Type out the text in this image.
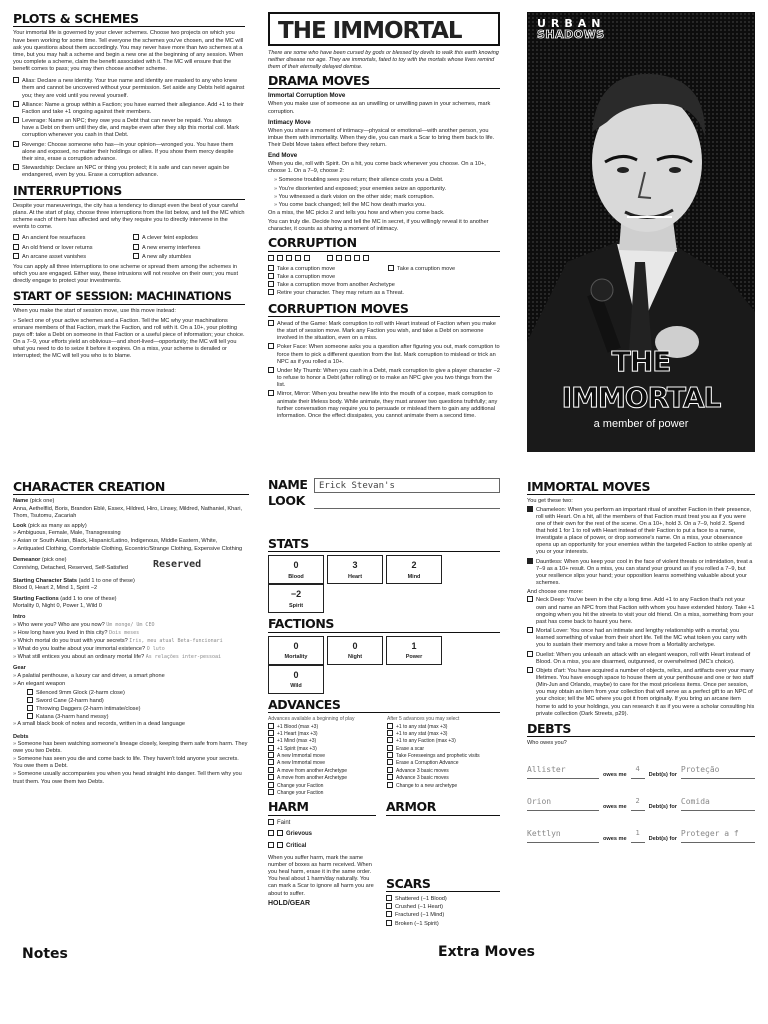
PLOTS & SCHEMES

Your immortal life is governed by your clever schemes. Choose two projects on which you have been working for some time. Tell everyone the schemes you've chosen, and the MC will ask you questions about them accordingly. You may never have more than two schemes at a time, but you may halt a scheme and begin a new one at the beginning of any session. When you complete a scheme, claim the benefit associated with it. The MC will ensure that the benefit comes to pass; you may then choose another scheme.

Alias: Declare a new identity. Your true name and identity are masked to any who knew them and cannot be uncovered without your permission. Set aside any Debts held against you; they are void until you reveal yourself.
Alliance: Name a group within a Faction; you have earned their allegiance. Add +1 to their Faction and take +1 ongoing against their members.
Leverage: Name an NPC; they owe you a Debt that can never be repaid. You always have a Debt on them until they die, and maybe even after they slip this mortal coil. Mark corruption whenever you cash in that Debt.
Revenge: Choose someone who has—in your opinion—wronged you. You have them alone and exposed, no matter their holdings or allies. If you show them mercy despite their sins, erase a corruption advance.
Stewardship: Declare an NPC or thing you protect; it is safe and can never again be endangered, even by you. Erase a corruption advance.
INTERRUPTIONS

Despite your maneuverings, the city has a tendency to disrupt even the best of your careful plans. At the start of play, choose three interruptions from the list below, and tell the MC which scheme each of them has affected and why they require you to directly intervene in the events to come.

An ancient foe resurfaces	A clever feint explodes
An old friend or lover returns	A new enemy interferes
An arcane asset vanishes	A new ally stumbles

You can apply all three interruptions to one scheme or spread them among the schemes in which you are engaged. Either way, these intrusions will not resolve on their own; you must directly engage to protect your investments.

START OF SESSION: MACHINATIONS

When you make the start of session move, use this move instead:

» Select one of your active schemes and a Faction. Tell the MC why your machinations ensnare members of that Faction, mark the Faction, and roll with it. On a 10+, your plotting pays off: take a Debt on someone in that Faction or a useful piece of information; your choice. On a 7–9, your efforts yield an oblivious—and short-lived—opportunity; the MC will tell you what you need to do to seize it before it expires. On a miss, your scheme is derailed or interrupted; the MC will tell you who is to blame.
THE IMMORTAL

There are some who have been cursed by gods or blessed by devils to walk this earth knowing neither disease nor age. They are immortals, fated to toy with the mortals whose lives remind them of their eternally delayed demise.

DRAMA MOVES
Immortal Corruption Move

When you make use of someone as an unwilling or unwilling pawn in your schemes, mark corruption.

Intimacy Move

When you share a moment of intimacy—physical or emotional—with another person, you imbue them with immortality. When they die, you can mark a Scar to bring them back to life. Their Debt Move takes effect before they return.

End Move

When you die, roll with Spirit. On a hit, you come back whenever you choose. On a 10+, choose 1. On a 7–9, choose 2:

» Someone troubling sees you return; their silence costs you a Debt.
» You're disoriented and exposed; your enemies seize an opportunity.
» You witnessed a dark vision on the other side; mark corruption.
» You come back changed; tell the MC how death marks you.

On a miss, the MC picks 2 and tells you how and when you come back.

You can truly die. Decide how and tell the MC in secret, if you willingly reveal it to another character, it counts as sharing a moment of intimacy.

CORRUPTION
Take a corruption move	Take a corruption move
Take a corruption move
Take a corruption move from another Archetype
Retire your character. They may return as a Threat.
CORRUPTION MOVES
Ahead of the Game: Mark corruption to roll with Heart instead of Faction when you make the start of session move. Mark any Faction you wish, and take a Debt on someone involved in the situation, even on a miss.
Poker Face: When someone asks you a question after figuring you out, mark corruption to force them to pick a different question from the list. Mark corruption to mislead or trick an NPC as if you rolled a 10+.
Under My Thumb: When you cash in a Debt, mark corruption to give a player character −2 to refuse to honor a Debt (after rolling) or to make an NPC give you two things from the list.
Mirror, Mirror: When you breathe new life into the mouth of a corpse, mark corruption to animate their lifeless body. While animate, they must answer two questions truthfully; any further conversation may require you to persuade or mislead them to gain any additional information. Once the effect dissipates, you cannot animate them a second time.
URBAN
SHADOWS
THE IMMORTAL
a member of power
CHARACTER CREATION
Name (pick one)

Anna, Aethelflid, Boris, Brandon Eblé, Essex, Hildred, Hiro, Linsey, Mildred, Nathaniel, Khari, Thom, Tsutomu, Zacariah

Look (pick as many as apply)
» Ambiguous, Female, Male, Transgressing
» Asian or South Asian, Black, Hispanic/Latino, Indigenous, Middle Eastern, White,
» Antiquated Clothing, Comfortable Clothing, Eccentric/Strange Clothing, Expensive Clothing
Demeanor (pick one)
Conniving, Detached, Reserved, Self-Satisfied Reserved
Starting Character Stats (add 1 to one of these)

Blood 0, Heart 2, Mind 1, Spirit −2

Starting Factions (add 1 to one of these)

Mortality 0, Night 0, Power 1, Wild 0

Intro
» Who were you? Who are you now? Um monge/ Um CEO
» How long have you lived in this city? Dois meses
» Which mortal do you trust with your secrets? Iris, meu atual Beta-funcionari
» What do you loathe about your immortal existence? O luto
» What still entices you about an ordinary mortal life? As relações inter-pessoai
Gear
» A palatial penthouse, a luxury car and driver, a smart phone
» An elegant weapon
Silenced 9mm Glock (2-harm close)
Sword Cane (2-harm hand)
Throwing Daggers (2-harm intimate/close)
Katana (3-harm hand messy)
» A small black book of notes and records, written in a dead language
Debts
» Someone has been watching someone's lineage closely, keeping them safe from harm. They owe you two Debts.
» Someone has seen you die and come back to life. They haven't told anyone your secrets. You owe them a Debt.
» Someone usually accompanies you when you head straight into danger. Tell them why you trust them. You owe them two Debts.
NAME	Erick Stevan's
LOOK
STATS
0
Blood
3
Heart
2
Mind
−2
Spirit
FACTIONS
0
Mortality
0
Night
1
Power
0
Wild
ADVANCES
Advances available a beginning of play
+1 Blood (max +3)
+1 Heart (max +3)
+1 Mind (max +3)
+1 Spirit (max +3)
A new Immortal move
A new Immortal move
A move from another Archetype
A move from another Archetype
Change your Faction
Change your Faction
After 5 advances you may select
+1 to any stat (max +3)
+1 to any stat (max +3)
+1 to any Faction (max +3)
Erase a scar
Take Foreseeings and prophetic visits
Erase a Corruption Advance
Advance 3 basic moves
Advance 3 basic moves
Change to a new archetype
HARM
Faint
Grievous
Critical

When you suffer harm, mark the same number of boxes as harm received. When you heal harm, erase it in the same order. You heal about 1 harm/day naturally. You can mark a Scar to ignore all harm you are about to suffer.

HOLD/GEAR
ARMOR
SCARS
Shattered (−1 Blood)
Crushed (−1 Heart)
Fractured (−1 Mind)
Broken (−1 Spirit)
IMMORTAL MOVES
You get these two:
Chameleon: When you perform an important ritual of another Faction in their presence, roll with Heart. On a hit, all the members of that Faction must treat you as if you were one of their own for the rest of the scene. On a 10+, hold 3. On a 7–9, hold 2. Spend that hold 1 for 1 to roll with Heart instead of their Faction to put a face to a name, investigate a place of power, or drop someone's name. On a miss, your observance opens up an opportunity for your enemies within the targeted Faction to strike openly at you or your interests.
Dauntless: When you keep your cool in the face of violent threats or intimidation, treat a 7–9 as a 10+ result. On a miss, you can stand your ground as if you rolled a 7–9, but your resilience slips your hand; your opposition learns something valuable about your schemes.
And choose one more:
Neck Deep: You've been in the city a long time. Add +1 to any Faction that's not your own and name an NPC from that Faction with whom you have extended history. Take +1 ongoing when you hit the streets to visit your old friend. On a miss, something from your past has come back to haunt you here.
Mortal Lover: You once had an intimate and lengthy relationship with a mortal; you learned something of value from their short life. Tell the MC what token you carry with you to sustain their memory and take a move from a Mortality archetype.
Duelist: When you unleash an attack with an elegant weapon, roll with Heart instead of Blood. On a miss, you are disarmed, outgunned, or overwhelmed (MC's choice).
Objets d'art: You have acquired a number of objects, relics, and artifacts over your many lifetimes. You have enough space to house them at your penthouse and one or two staff (Min-Jun and Orlando, maybe) to care for the most priceless items. Once per session, you may obtain an item from your collection that will serve as a perfect gift to an NPC of your choice; tell the MC where you got it from originally. If you bring an arcane item home to add to your holdings, you can research it as if you were a scholar consulting his private collection (Dark Streets, p29).
DEBTS
Who owes you?
Allister
owes me
4
Debt(s) for
Proteção
Orion
owes me
2
Debt(s) for
Comida
Kettlyn
owes me
1
Debt(s) for
Proteger a f
Notes	Extra Moves
